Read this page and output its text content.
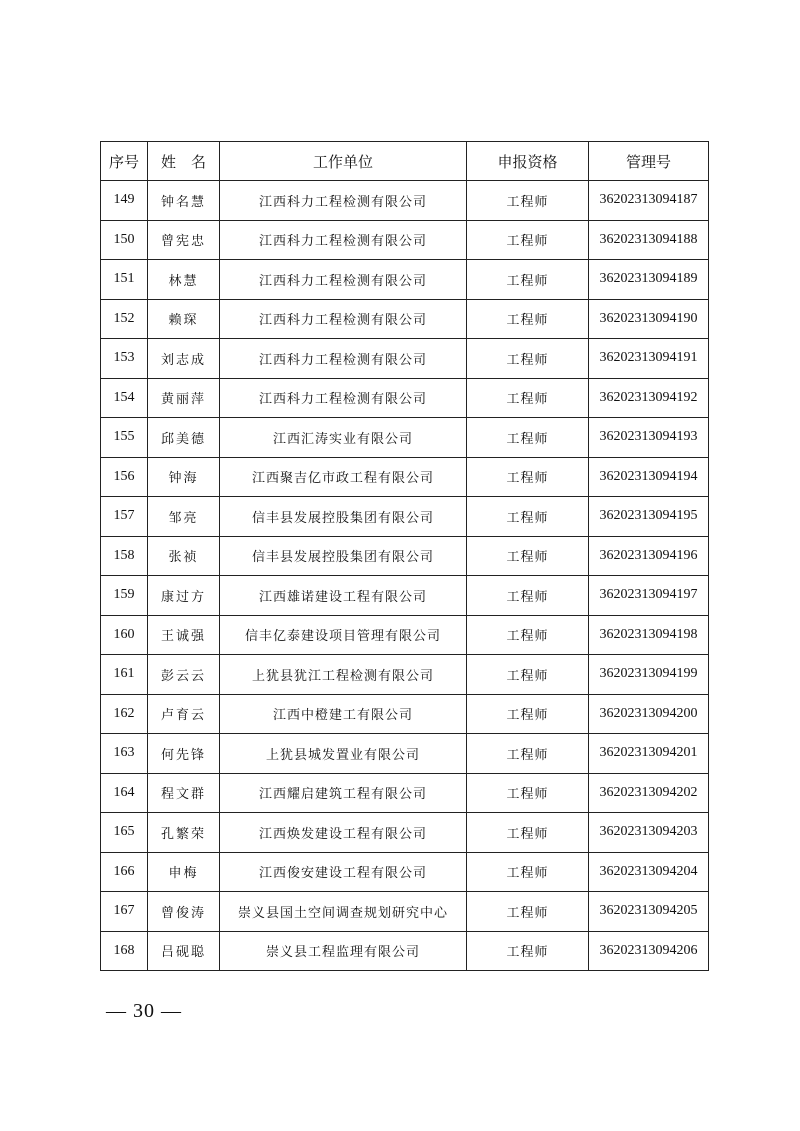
序号	姓　名	工作单位	申报资格	管理号
149	钟名慧	江西科力工程检测有限公司	工程师	36202313094187
150	曾宪忠	江西科力工程检测有限公司	工程师	36202313094188
151	林慧	江西科力工程检测有限公司	工程师	36202313094189
152	赖琛	江西科力工程检测有限公司	工程师	36202313094190
153	刘志成	江西科力工程检测有限公司	工程师	36202313094191
154	黄丽萍	江西科力工程检测有限公司	工程师	36202313094192
155	邱美德	江西汇涛实业有限公司	工程师	36202313094193
156	钟海	江西聚吉亿市政工程有限公司	工程师	36202313094194
157	邹亮	信丰县发展控股集团有限公司	工程师	36202313094195
158	张祯	信丰县发展控股集团有限公司	工程师	36202313094196
159	康过方	江西雄诺建设工程有限公司	工程师	36202313094197
160	王诚强	信丰亿泰建设项目管理有限公司	工程师	36202313094198
161	彭云云	上犹县犹江工程检测有限公司	工程师	36202313094199
162	卢育云	江西中橙建工有限公司	工程师	36202313094200
163	何先锋	上犹县城发置业有限公司	工程师	36202313094201
164	程文群	江西耀启建筑工程有限公司	工程师	36202313094202
165	孔繁荣	江西焕发建设工程有限公司	工程师	36202313094203
166	申梅	江西俊安建设工程有限公司	工程师	36202313094204
167	曾俊涛	崇义县国土空间调查规划研究中心	工程师	36202313094205
168	吕砚聪	崇义县工程监理有限公司	工程师	36202313094206
— 30 —
